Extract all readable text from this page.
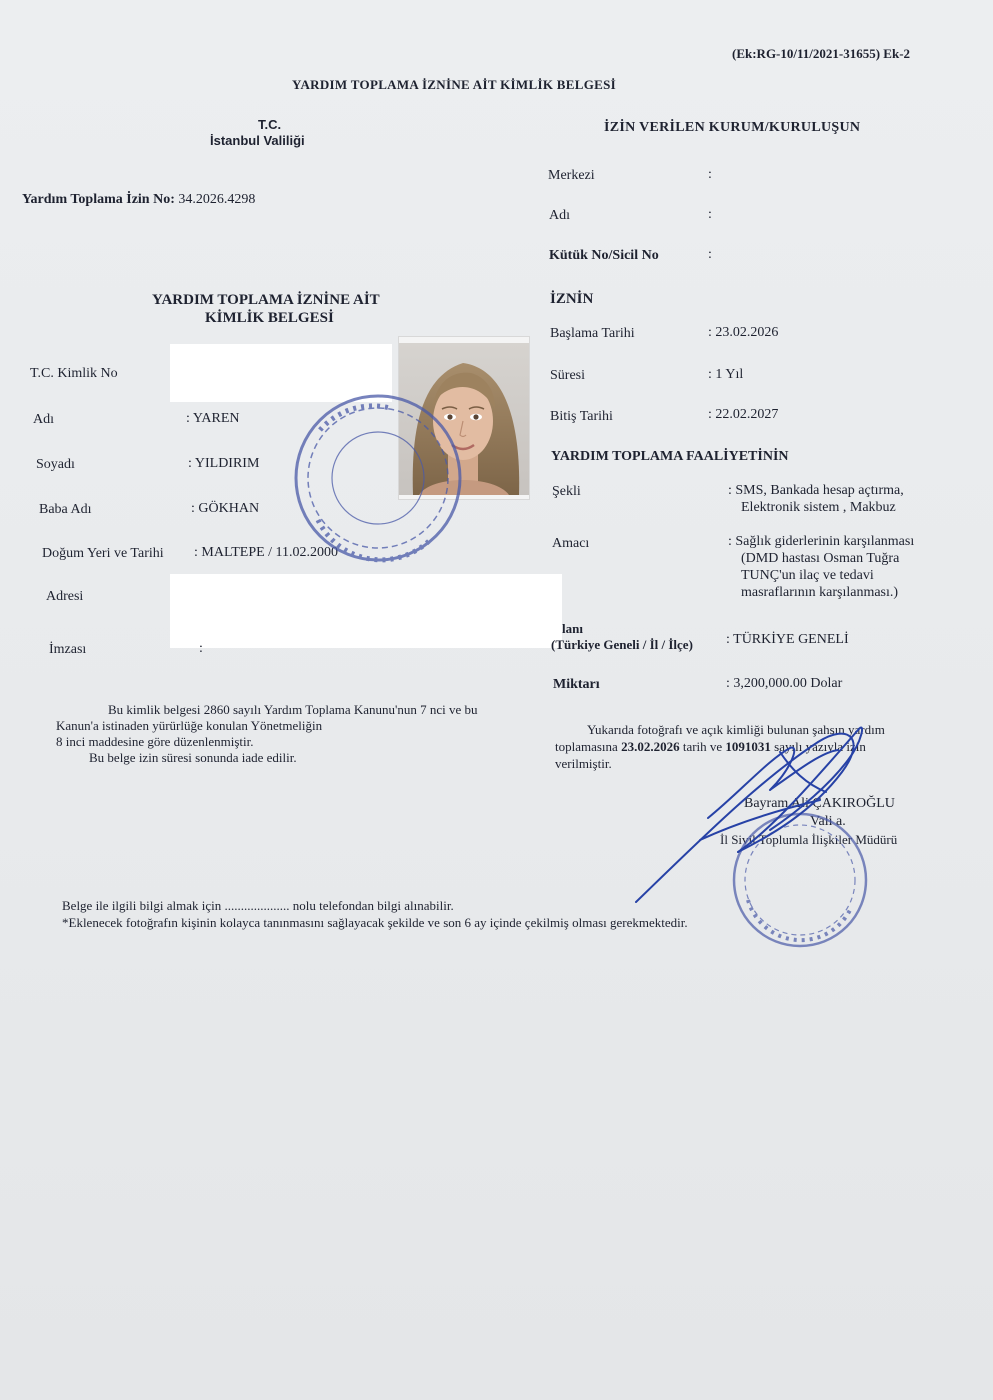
(Ek:RG-10/11/2021-31655) Ek-2
YARDIM TOPLAMA İZNİNE AİT KİMLİK BELGESİ
T.C.
İstanbul Valiliği
Yardım Toplama İzin No: 34.2026.4298
YARDIM TOPLAMA İZNİNE AİT
KİMLİK BELGESİ
T.C. Kimlik No
Adı	: YAREN
Soyadı	: YILDIRIM
Baba Adı	: GÖKHAN
Doğum Yeri ve Tarihi : MALTEPE / 11.02.2000
Adresi
İmzası	:
Bu kimlik belgesi 2860 sayılı Yardım Toplama Kanunu'nun 7 nci ve bu
Kanun'a istinaden yürürlüğe konulan Yönetmeliğin
8 inci maddesine göre düzenlenmiştir.
Bu belge izin süresi sonunda iade edilir.
İZİN VERİLEN KURUM/KURULUŞUN
Merkezi	:
Adı	:
Kütük No/Sicil No	:
İZNİN
Başlama Tarihi	: 23.02.2026
Süresi	: 1 Yıl
Bitiş Tarihi	: 22.02.2027
YARDIM TOPLAMA FAALİYETİNİN
Şekli	: SMS, Bankada hesap açtırma,
Elektronik sistem , Makbuz
Amacı	: Sağlık giderlerinin karşılanması
(DMD hastası Osman Tuğra
TUNÇ'un ilaç ve tedavi
masraflarının karşılanması.)
lanı
(Türkiye Geneli / İl / İlçe) : TÜRKİYE GENELİ
Miktarı	: 3,200,000.00 Dolar
Yukarıda fotoğrafı ve açık kimliği bulunan şahsın yardım
toplamasına 23.02.2026 tarih ve 1091031 sayılı yazıyla izin
verilmiştir.
Bayram Ali ÇAKIROĞLU
Vali a.
İl Sivil Toplumla İlişkiler Müdürü
Belge ile ilgili bilgi almak için .................... nolu telefondan bilgi alınabilir.
*Eklenecek fotoğrafın kişinin kolayca tanınmasını sağlayacak şekilde ve son 6 ay içinde çekilmiş olması gerekmektedir.
